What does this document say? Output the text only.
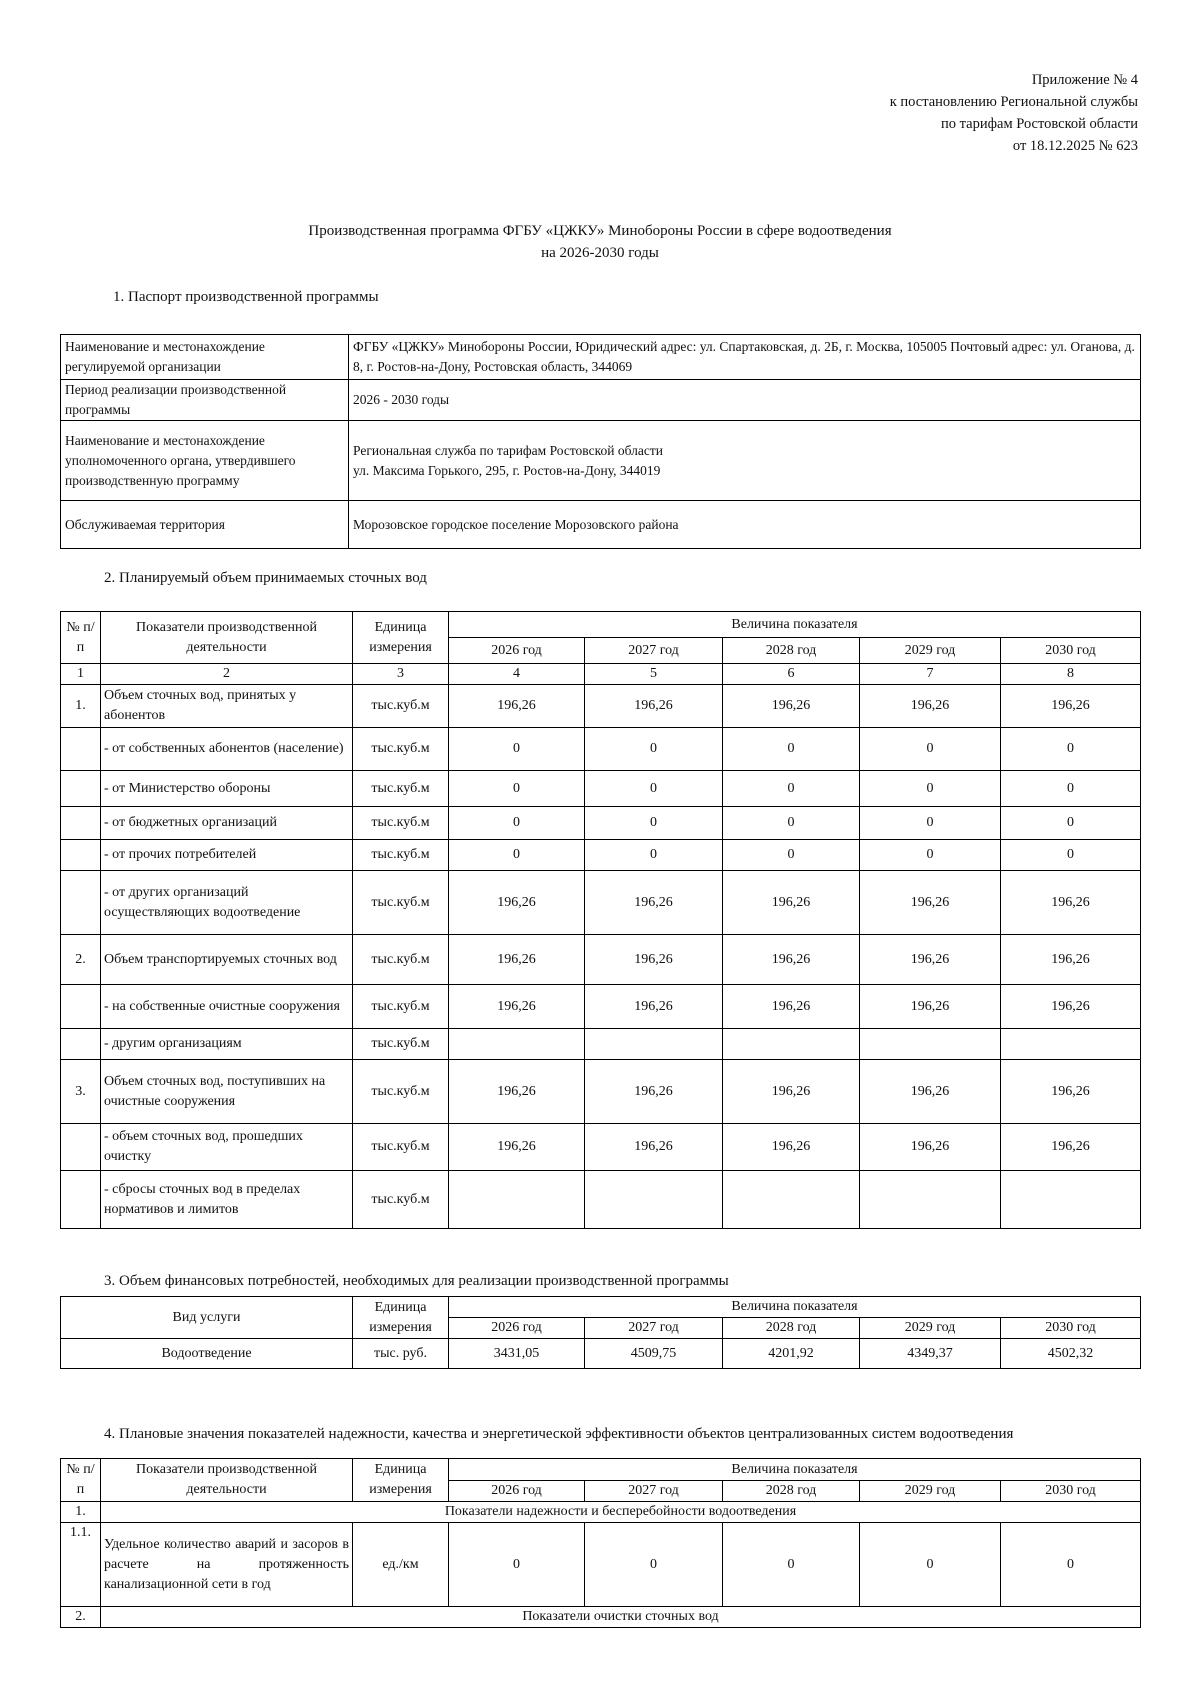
Приложение № 4
к постановлению Региональной службы
по тарифам Ростовской области
от 18.12.2025 № 623
Производственная программа ФГБУ «ЦЖКУ» Минобороны России в сфере водоотведения
на 2026-2030 годы
1. Паспорт производственной программы
Наименование и местонахождение регулируемой организации	ФГБУ «ЦЖКУ» Минобороны России, Юридический адрес: ул. Спартаковская, д. 2Б, г. Москва, 105005 Почтовый адрес: ул. Оганова, д. 8, г. Ростов-на-Дону, Ростовская область, 344069
Период реализации производственной программы	2026 - 2030 годы
Наименование и местонахождение уполномоченного органа, утвердившего производственную программу	Региональная служба по тарифам Ростовской области
ул. Максима Горького, 295, г. Ростов-на-Дону, 344019

Обслуживаемая территория	Морозовское городское поселение Морозовского района
2. Планируемый объем принимаемых сточных вод
№ п/п	Показатели производственной деятельности	Единица измерения	Величина показателя				
			2026 год	2027 год	2028 год	2029 год	2030 год
1	2	3	4	5	6	7	8
1.	Объем сточных вод, принятых у абонентов	тыс.куб.м	196,26	196,26	196,26	196,26	196,26
	- от собственных абонентов (население)	тыс.куб.м	0	0	0	0	0
	- от Министерство обороны	тыс.куб.м	0	0	0	0	0
	- от бюджетных организаций	тыс.куб.м	0	0	0	0	0
	- от прочих потребителей	тыс.куб.м	0	0	0	0	0
	- от других организаций осуществляющих водоотведение	тыс.куб.м	196,26	196,26	196,26	196,26	196,26
2.	Объем транспортируемых сточных вод	тыс.куб.м	196,26	196,26	196,26	196,26	196,26
	- на собственные очистные сооружения	тыс.куб.м	196,26	196,26	196,26	196,26	196,26
	- другим организациям	тыс.куб.м					
3.	Объем сточных вод, поступивших на очистные сооружения	тыс.куб.м	196,26	196,26	196,26	196,26	196,26
	- объем сточных вод, прошедших очистку	тыс.куб.м	196,26	196,26	196,26	196,26	196,26
	- сбросы сточных вод в пределах нормативов и лимитов	тыс.куб.м					
3. Объем финансовых потребностей, необходимых для реализации производственной программы
Вид услуги	Единица измерения	Величина показателя				
		2026 год	2027 год	2028 год	2029 год	2030 год
Водоотведение	тыс. руб.	3431,05	4509,75	4201,92	4349,37	4502,32
4. Плановые значения показателей надежности, качества и энергетической эффективности объектов централизованных систем водоотведения
№ п/п	Показатели производственной деятельности	Единица измерения	Величина показателя				
			2026 год	2027 год	2028 год	2029 год	2030 год
1.	Показатели надежности и бесперебойности водоотведения						
1.1.	Удельное количество аварий и засоров в расчете на протяженность канализационной сети в год	ед./км	0	0	0	0	0
2.	Показатели очистки сточных вод						
